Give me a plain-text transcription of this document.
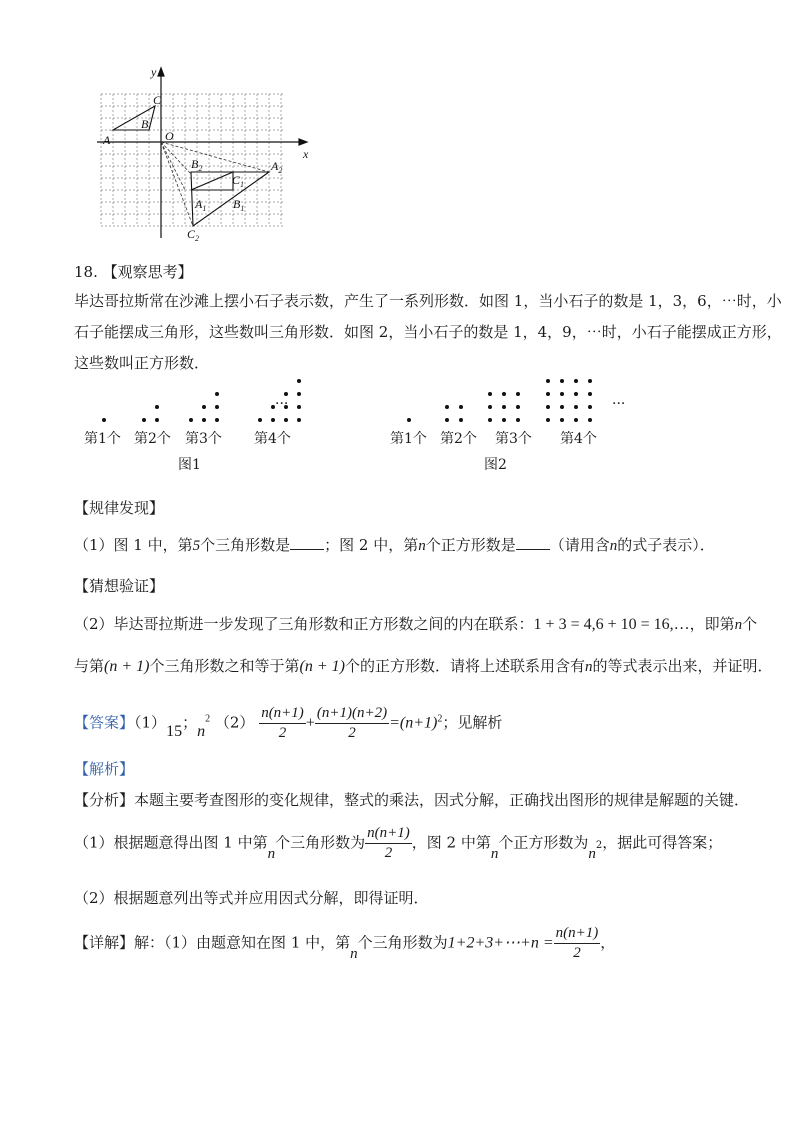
y
x
O
A
B
C
$B_2$
$C_1$
$A_2$
$A_1$ $B_1$
$C_2$
18. 【观察思考】
毕达哥拉斯常在沙滩上摆小石子表示数，产生了一系列形数．如图 1，当小石子的数是 1，3，6，⋯时，小
石子能摆成三角形，这些数叫三角形数．如图 2，当小石子的数是 1，4，9，⋯时，小石子能摆成正方形，
这些数叫正方形数．
···
第1个 第2个 第3个 第4个
图1
···
第1个 第2个 第3个 第4个
图2
【规律发现】
（1）图 1 中，第5个三角形数是 ；图 2 中，第n个正方形数是 （请用含n的式子表示）．
【猜想验证】
（2）毕达哥拉斯进一步发现了三角形数和正方形数之间的内在联系：1 + 3 = 4,6 + 10 = 16,…，即第n个
与第(n + 1)个三角形数之和等于第(n + 1)个的正方形数．请将上述联系用含有n的等式表示出来，并证明．
【答案】（1）15；$n^2$ $(2) \frac{n(n+1)}{2} + \frac{(n+1)(n+2)}{2} =(n+1)^2$；见解析
【解析】
【分析】本题主要考查图形的变化规律，整式的乘法，因式分解，正确找出图形的规律是解题的关键．
（1）根据题意得出图 1 中第n个三角形数为 $\frac{n(n+1)}{2}$ ，图 2 中第n个正方形数为$n^2$，据此可得答案；
（2）根据题意列出等式并应用因式分解，即得证明．
【详解】解：（1）由题意知在图 1 中，第n个三角形数为1+2+3+⋯+n = $\frac{n(n+1)}{2}$ ，
